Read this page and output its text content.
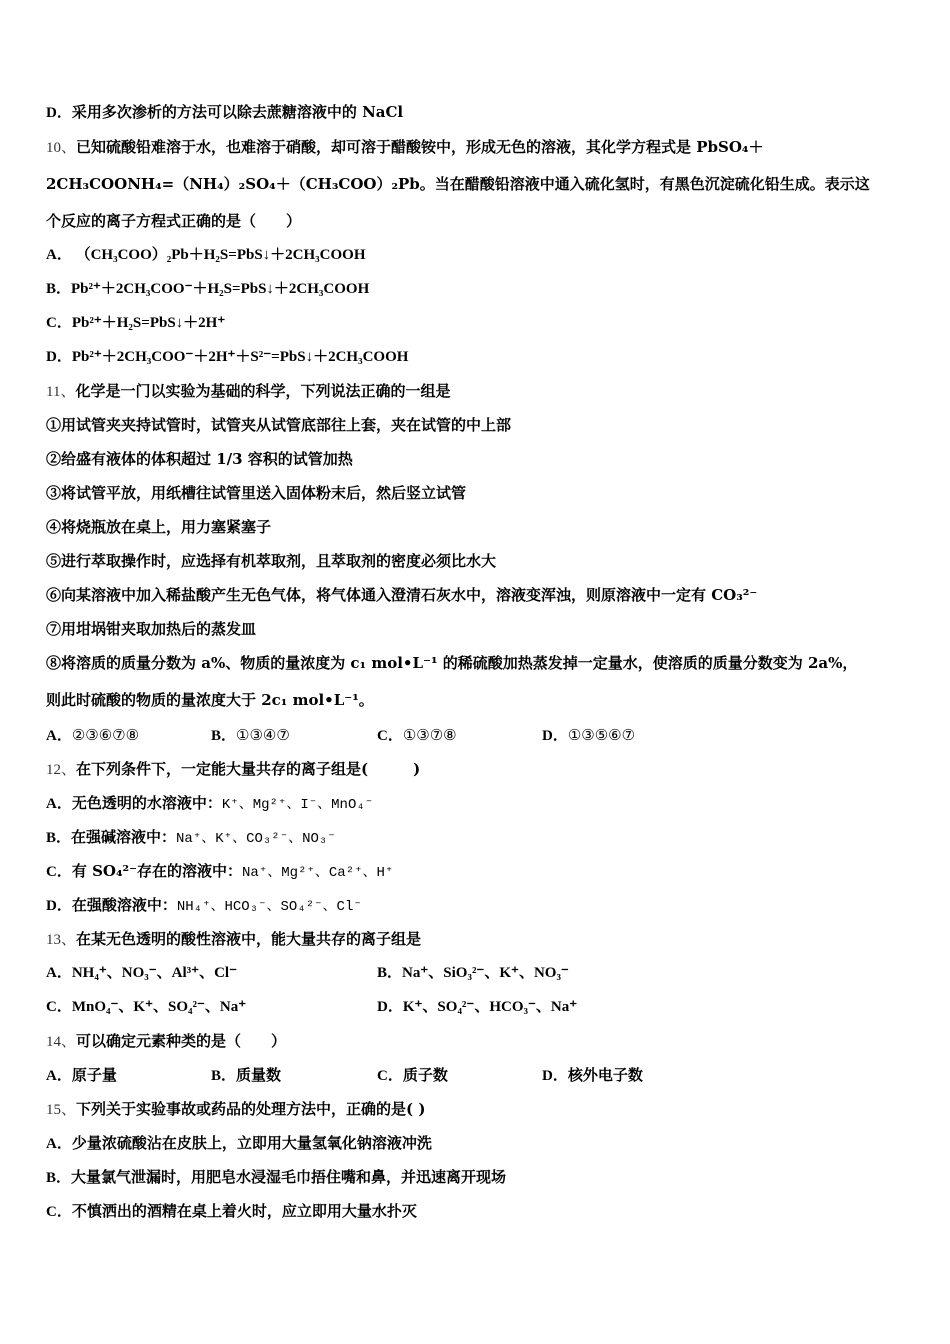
D．采用多次渗析的方法可以除去蔗糖溶液中的 NaCl
10、已知硫酸铅难溶于水，也难溶于硝酸，却可溶于醋酸铵中，形成无色的溶液，其化学方程式是 PbSO₄＋
2CH₃COONH₄=（NH₄）₂SO₄＋（CH₃COO）₂Pb。当在醋酸铅溶液中通入硫化氢时，有黑色沉淀硫化铅生成。表示这
个反应的离子方程式正确的是（　　）
A． （CH₃COO）₂Pb＋H₂S=PbS↓＋2CH₃COOH
B．Pb²⁺＋2CH₃COO⁻＋H₂S=PbS↓＋2CH₃COOH
C．Pb²⁺＋H₂S=PbS↓＋2H⁺
D．Pb²⁺＋2CH₃COO⁻＋2H⁺＋S²⁻=PbS↓＋2CH₃COOH
11、化学是一门以实验为基础的科学，下列说法正确的一组是
①用试管夹夹持试管时，试管夹从试管底部往上套，夹在试管的中上部
②给盛有液体的体积超过 1/3 容积的试管加热
③将试管平放，用纸槽往试管里送入固体粉末后，然后竖立试管
④将烧瓶放在桌上，用力塞紧塞子
⑤进行萃取操作时，应选择有机萃取剂，且萃取剂的密度必须比水大
⑥向某溶液中加入稀盐酸产生无色气体，将气体通入澄清石灰水中，溶液变浑浊，则原溶液中一定有 CO₃²⁻
⑦用坩埚钳夹取加热后的蒸发皿
⑧将溶质的质量分数为 a%、物质的量浓度为 c₁ mol•L⁻¹ 的稀硫酸加热蒸发掉一定量水，使溶质的质量分数变为 2a%，
则此时硫酸的物质的量浓度大于 2c₁ mol•L⁻¹。
A．②③⑥⑦⑧	B．①③④⑦	C．①③⑦⑧	D．①③⑤⑥⑦
12、在下列条件下，一定能大量共存的离子组是(　　　)
A．无色透明的水溶液中：K⁺、Mg²⁺、I⁻、MnO₄⁻
B．在强碱溶液中：Na⁺、K⁺、CO₃²⁻、NO₃⁻
C．有 SO₄²⁻存在的溶液中：Na⁺、Mg²⁺、Ca²⁺、H⁺
D．在强酸溶液中：NH₄⁺、HCO₃⁻、SO₄²⁻、Cl⁻
13、在某无色透明的酸性溶液中，能大量共存的离子组是
A．NH₄⁺、NO₃⁻、Al³⁺、Cl⁻	B．Na⁺、SiO₃²⁻、K⁺、NO₃⁻
C．MnO₄⁻、K⁺、SO₄²⁻、Na⁺	D．K⁺、SO₄²⁻、HCO₃⁻、Na⁺
14、可以确定元素种类的是（　　）
A．原子量	B．质量数	C．质子数	D．核外电子数
15、下列关于实验事故或药品的处理方法中，正确的是( )
A．少量浓硫酸沾在皮肤上，立即用大量氢氧化钠溶液冲洗
B．大量氯气泄漏时，用肥皂水浸湿毛巾捂住嘴和鼻，并迅速离开现场
C．不慎洒出的酒精在桌上着火时，应立即用大量水扑灭
